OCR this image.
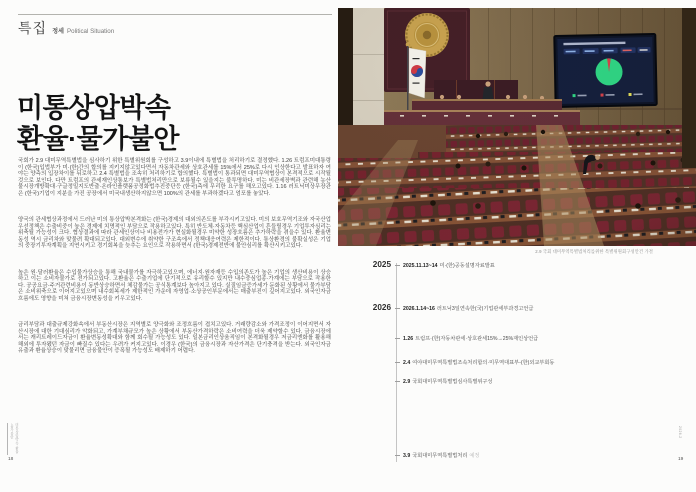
특집 정세 Political Situation
미통상압박속
환율·물가불안

국회가 2.9 대미무역특별법을 심사하기 위한 특별위원회를 구성하고 3.9이내에 특별법을 처리하기로 결정했다. 1.26 트럼프미대통령이 (한국)입법부가 미·(한)간의 합의를 지키지않고있다면서 자동차관세와 상호관세를 15%에서 25%로 다시 인상한다고 발표하자 여야는 양측의 입장차이를 뒤로하고 2.4 특별법을 조속히 처리하기로 합의했다. 특별법이 통과되면 대미무역협상이 본격적으로 시작될것으로 보인다. 다만 트럼프의 관세재인상통보가 특별법처리만으로 보류될수 있을지는 불투명하다. 미는 비관세장벽과 관련해 농산물시장개방확대·구글정밀지도반출·온라인플랫폼공정화법추진중단등 (한국)측에 무리한 요구를 해오고있다. 1.16 러트닉미상무장관은 (한국)기업이 지분을 가진 공장에서 미국내생산하지않으면 100%의 관세를 부과하겠다고 엄포를 놓았다.

양국의 관세협상과정에서 드러난 미의 통상압박본격화는 (한국)경제의 대외의존도를 부각시키고있다. 미의 보호무역기조와 자국산업우선정책은 수출비중이 높은 경제에 치명적인 부담으로 작용하고있다. 특히 반도체·자동차등 핵심산업이 흔들릴경우 기업투자심리는 위축될 가능성이 크다. 협상결과에 따라 관세인상이나 비용전가가 현실화될경우 미약한 성장흐름은 추가하락을 겪을수 있다. 환율변동성 역시 금리차와 맞물려 확대되고있다. 대외변수에 취약한 구조속에서 정책대응여력은 제한적이다. 통상환경의 불확실성은 기업의 중장기투자계획을 지연시키고 경기회복을 늦추는 요인으로 작용하면서 (한국)경제전반에 불안심리를 확산시키고있다.

높은 원·달러환율은 수입물가상승을 통해 국내물가를 자극하고있으며, 에너지·원자재등 수입의존도가 높은 기업의 생산비용이 상승하고 이는 소비자물가로 전가되고있다. 고환율은 수출기업에 단기적으로 유리할수 있지만 내수중심업종·가계에는 부담으로 작용한다. 공공요금·주거관련비용이 동반상승하면서 체감물가는 공식통계보다 높아지고 있다. 실질임금증가세가 둔화된 상황에서 물가부담은 소비위축으로 이어지고있으며 내수회복세가 제한적인 가운데 자영업·소상공인부문에서는 매출부진이 깊어지고있다. 외국인자금흐름에도 영향을 미쳐 금융시장변동성을 키우고있다.

금리부담과 대출규제강화속에서 부동산시장은 지역별로 양극화와 조정흐름이 겹치고있다. 거래량감소와 가격조정이 이어지면서 자산시장에 대한 기대심리가 악화되고, 가계부채규모가 높은 상황에서 부동산가격하락은 소비여력을 더욱 제약할수 있다. 금융시장에서는 캐리트레이드자금이 환율변동성확대와 함께 회수될 가능성도 있다. 일본금리인상움직임이 본격화될경우 저금리엔화를 활용해 해외에 투자됐던 자금이 빠질수 있다는 우려가 커지고있다. 이경우 (한국)의 금융시장과 자산가격은 단기충격을 받는다. 외국인자금유출과 환율상승이 맞물리면 금융불안이 증폭될 가능성도 배제하기 어렵다.

미통상압박속 환율·물가불안
18
2.9 국회 대미무역특별법처리를위한 특별위원회구성안건 가결
2025
2026
2025.11.13~14 미·(한)공동설명자료발표
2026.1.14~16 러트닉3일연속한(국)기업관세부과경고언급
1.26 트럼프·(한)자동차관세·상호관세15%→25%재인상언급
2.4 여야대미무역특별법조속처리합의·미무역대표부-(한)외교부회동
2.9 국회대미무역특별법심사특별위구성
3.9 국회대미무역특별법처리 예정
2026.2
19
